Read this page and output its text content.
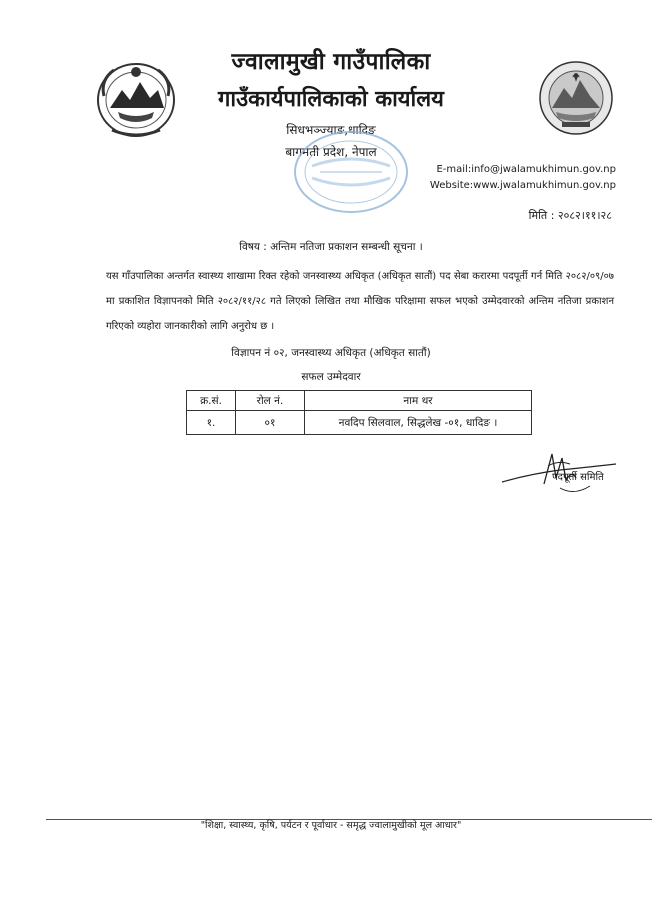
ज्वालामुखी गाउँपालिका
गाउँकार्यपालिकाको कार्यालय
सिधभञ्ज्याङ,धादिङ
बागमती प्रदेश, नेपाल
E-mail:info@jwalamukhimun.gov.np
Website:www.jwalamukhimun.gov.np
मिति : २०८२।११।२८
विषय : अन्तिम नतिजा प्रकाशन सम्बन्धी सूचना ।
यस गाँउपालिका अन्तर्गत स्वास्थ्य शाखामा रिक्त रहेको जनस्वास्थ्य अधिकृत (अधिकृत सातौं) पद सेबा करारमा पदपूर्ती गर्न मिति २०८२/०९/०७ मा प्रकाशित विज्ञापनको मिति २०८२/११/२८ गते लिएको लिखित तथा मौखिक परिक्षामा सफल भएको उम्मेदवारको अन्तिम नतिजा प्रकाशन गरिएको व्यहोरा जानकारीको लागि अनुरोध छ ।
विज्ञापन नं ०२, जनस्वास्थ्य अधिकृत (अधिकृत सातौं)
सफल उम्मेदवार
क्र.सं.	रोल नं.	नाम थर
१.	०१	नवदिप सिलवाल, सिद्धलेख -०१, धादिङ ।
पदपूर्ती समिति
"शिक्षा, स्वास्थ्य, कृषि, पर्यटन र पूर्वाधार - समृद्ध ज्वालामुखीको मूल आधार"
